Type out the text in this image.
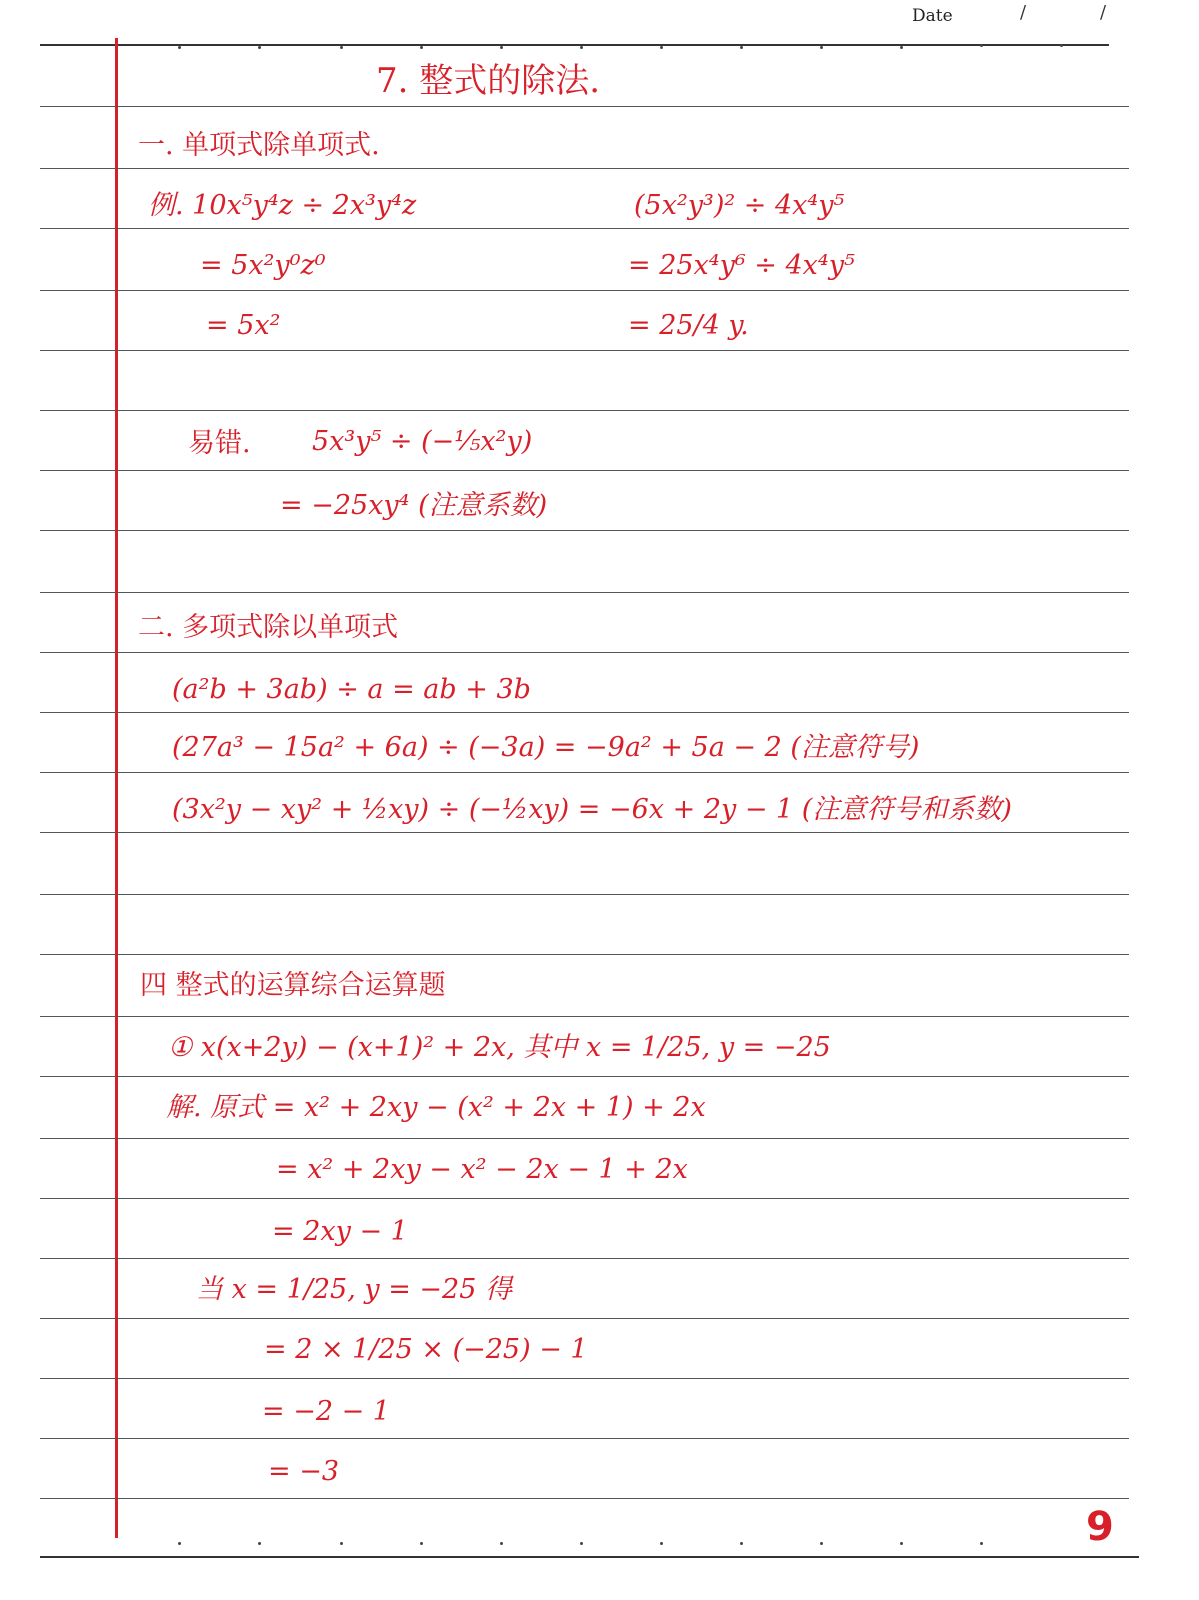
Date	/	/
7. 整式的除法.
一. 单项式除单项式.
例. 10x⁵y⁴z ÷ 2x³y⁴z
= 5x²y⁰z⁰
= 5x²
(5x²y³)² ÷ 4x⁴y⁵
= 25x⁴y⁶ ÷ 4x⁴y⁵
= 25/4 y.
易错. 5x³y⁵ ÷ (−⅕x²y)
= −25xy⁴ (注意系数)
二. 多项式除以单项式
(a²b + 3ab) ÷ a = ab + 3b
(27a³ − 15a² + 6a) ÷ (−3a) = −9a² + 5a − 2 (注意符号)
(3x²y − xy² + ½xy) ÷ (−½xy) = −6x + 2y − 1 (注意符号和系数)
四 整式的运算综合运算题
① x(x+2y) − (x+1)² + 2x, 其中 x = 1/25, y = −25
解. 原式 = x² + 2xy − (x² + 2x + 1) + 2x
= x² + 2xy − x² − 2x − 1 + 2x
= 2xy − 1
当 x = 1/25, y = −25 得
= 2 × 1/25 × (−25) − 1
= −2 − 1
= −3
9
